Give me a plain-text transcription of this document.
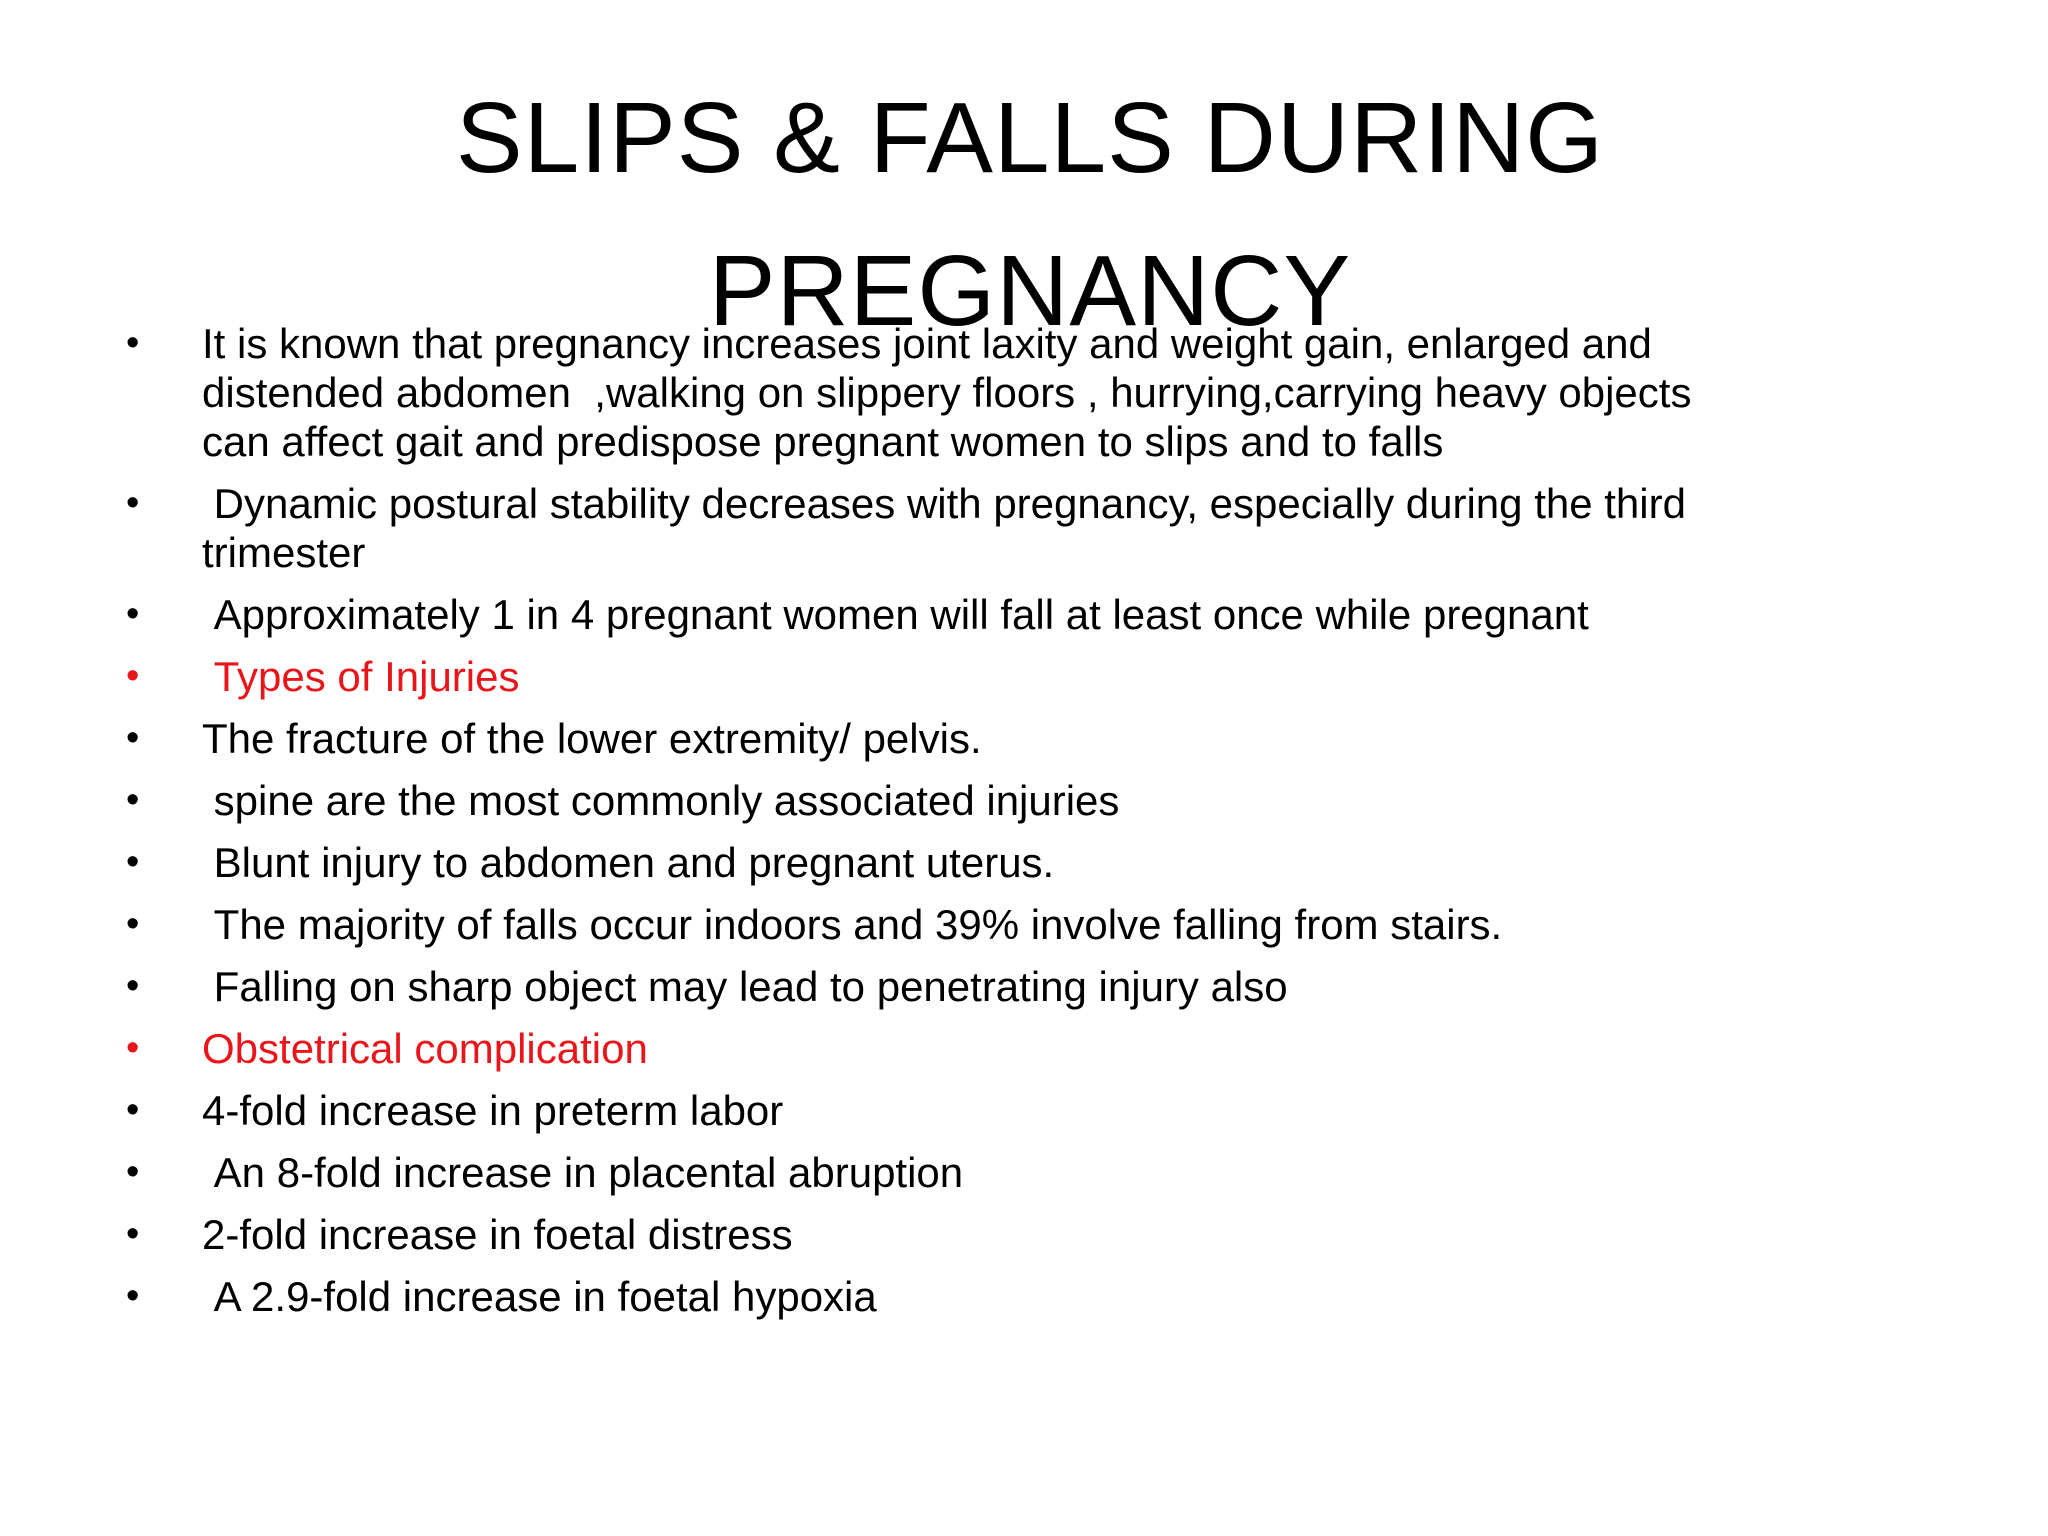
SLIPS & FALLS DURING
PREGNANCY
• It is known that pregnancy increases joint laxity and weight gain, enlarged and
distended abdomen  ,walking on slippery floors , hurrying,carrying heavy objects
can affect gait and predispose pregnant women to slips and to falls
• Dynamic postural stability decreases with pregnancy, especially during the third
trimester
• Approximately 1 in 4 pregnant women will fall at least once while pregnant
• Types of Injuries
• The fracture of the lower extremity/ pelvis.
• spine are the most commonly associated injuries
• Blunt injury to abdomen and pregnant uterus.
• The majority of falls occur indoors and 39% involve falling from stairs.
• Falling on sharp object may lead to penetrating injury also
• Obstetrical complication
• 4-fold increase in preterm labor
• An 8-fold increase in placental abruption
• 2-fold increase in foetal distress
• A 2.9-fold increase in foetal hypoxia
